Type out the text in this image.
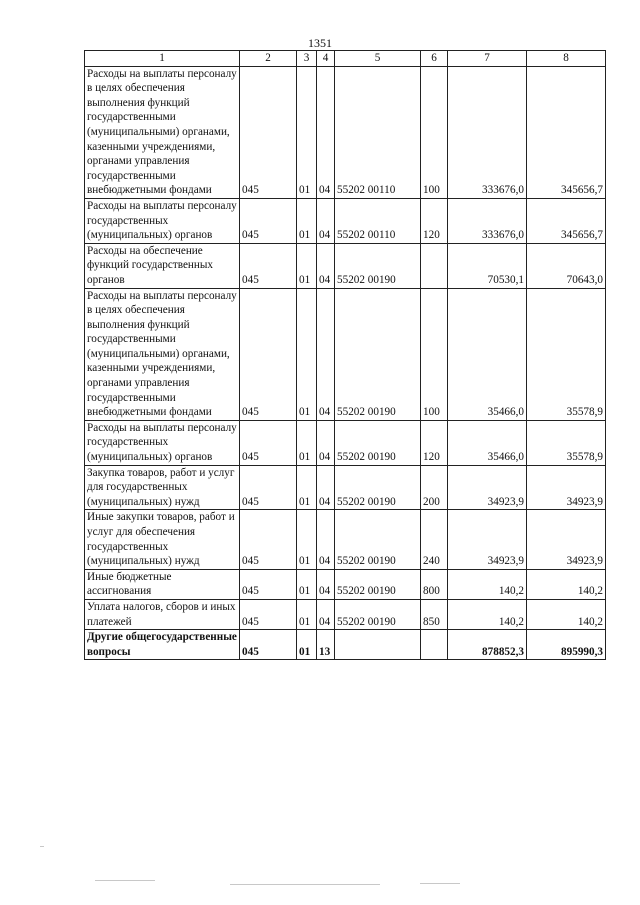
1351
1	2	3	4	5	6	7	8
Расходы на выплаты персоналу в целях обеспечения выполнения функций государственными (муниципальными) органами, казенными учреждениями, органами управления государственными внебюджетными фондами	045	01	04	55202 00110	100	333676,0	345656,7
Расходы на выплаты персоналу государственных (муниципальных) органов	045	01	04	55202 00110	120	333676,0	345656,7
Расходы на обеспечение функций государственных органов	045	01	04	55202 00190		70530,1	70643,0
Расходы на выплаты персоналу в целях обеспечения выполнения функций государственными (муниципальными) органами, казенными учреждениями, органами управления государственными внебюджетными фондами	045	01	04	55202 00190	100	35466,0	35578,9
Расходы на выплаты персоналу государственных (муниципальных) органов	045	01	04	55202 00190	120	35466,0	35578,9
Закупка товаров, работ и услуг для государственных (муниципальных) нужд	045	01	04	55202 00190	200	34923,9	34923,9
Иные закупки товаров, работ и услуг для обеспечения государственных (муниципальных) нужд	045	01	04	55202 00190	240	34923,9	34923,9
Иные бюджетные ассигнования	045	01	04	55202 00190	800	140,2	140,2
Уплата налогов, сборов и иных платежей	045	01	04	55202 00190	850	140,2	140,2
Другие общегосударственные вопросы	045	01	13			878852,3	895990,3
